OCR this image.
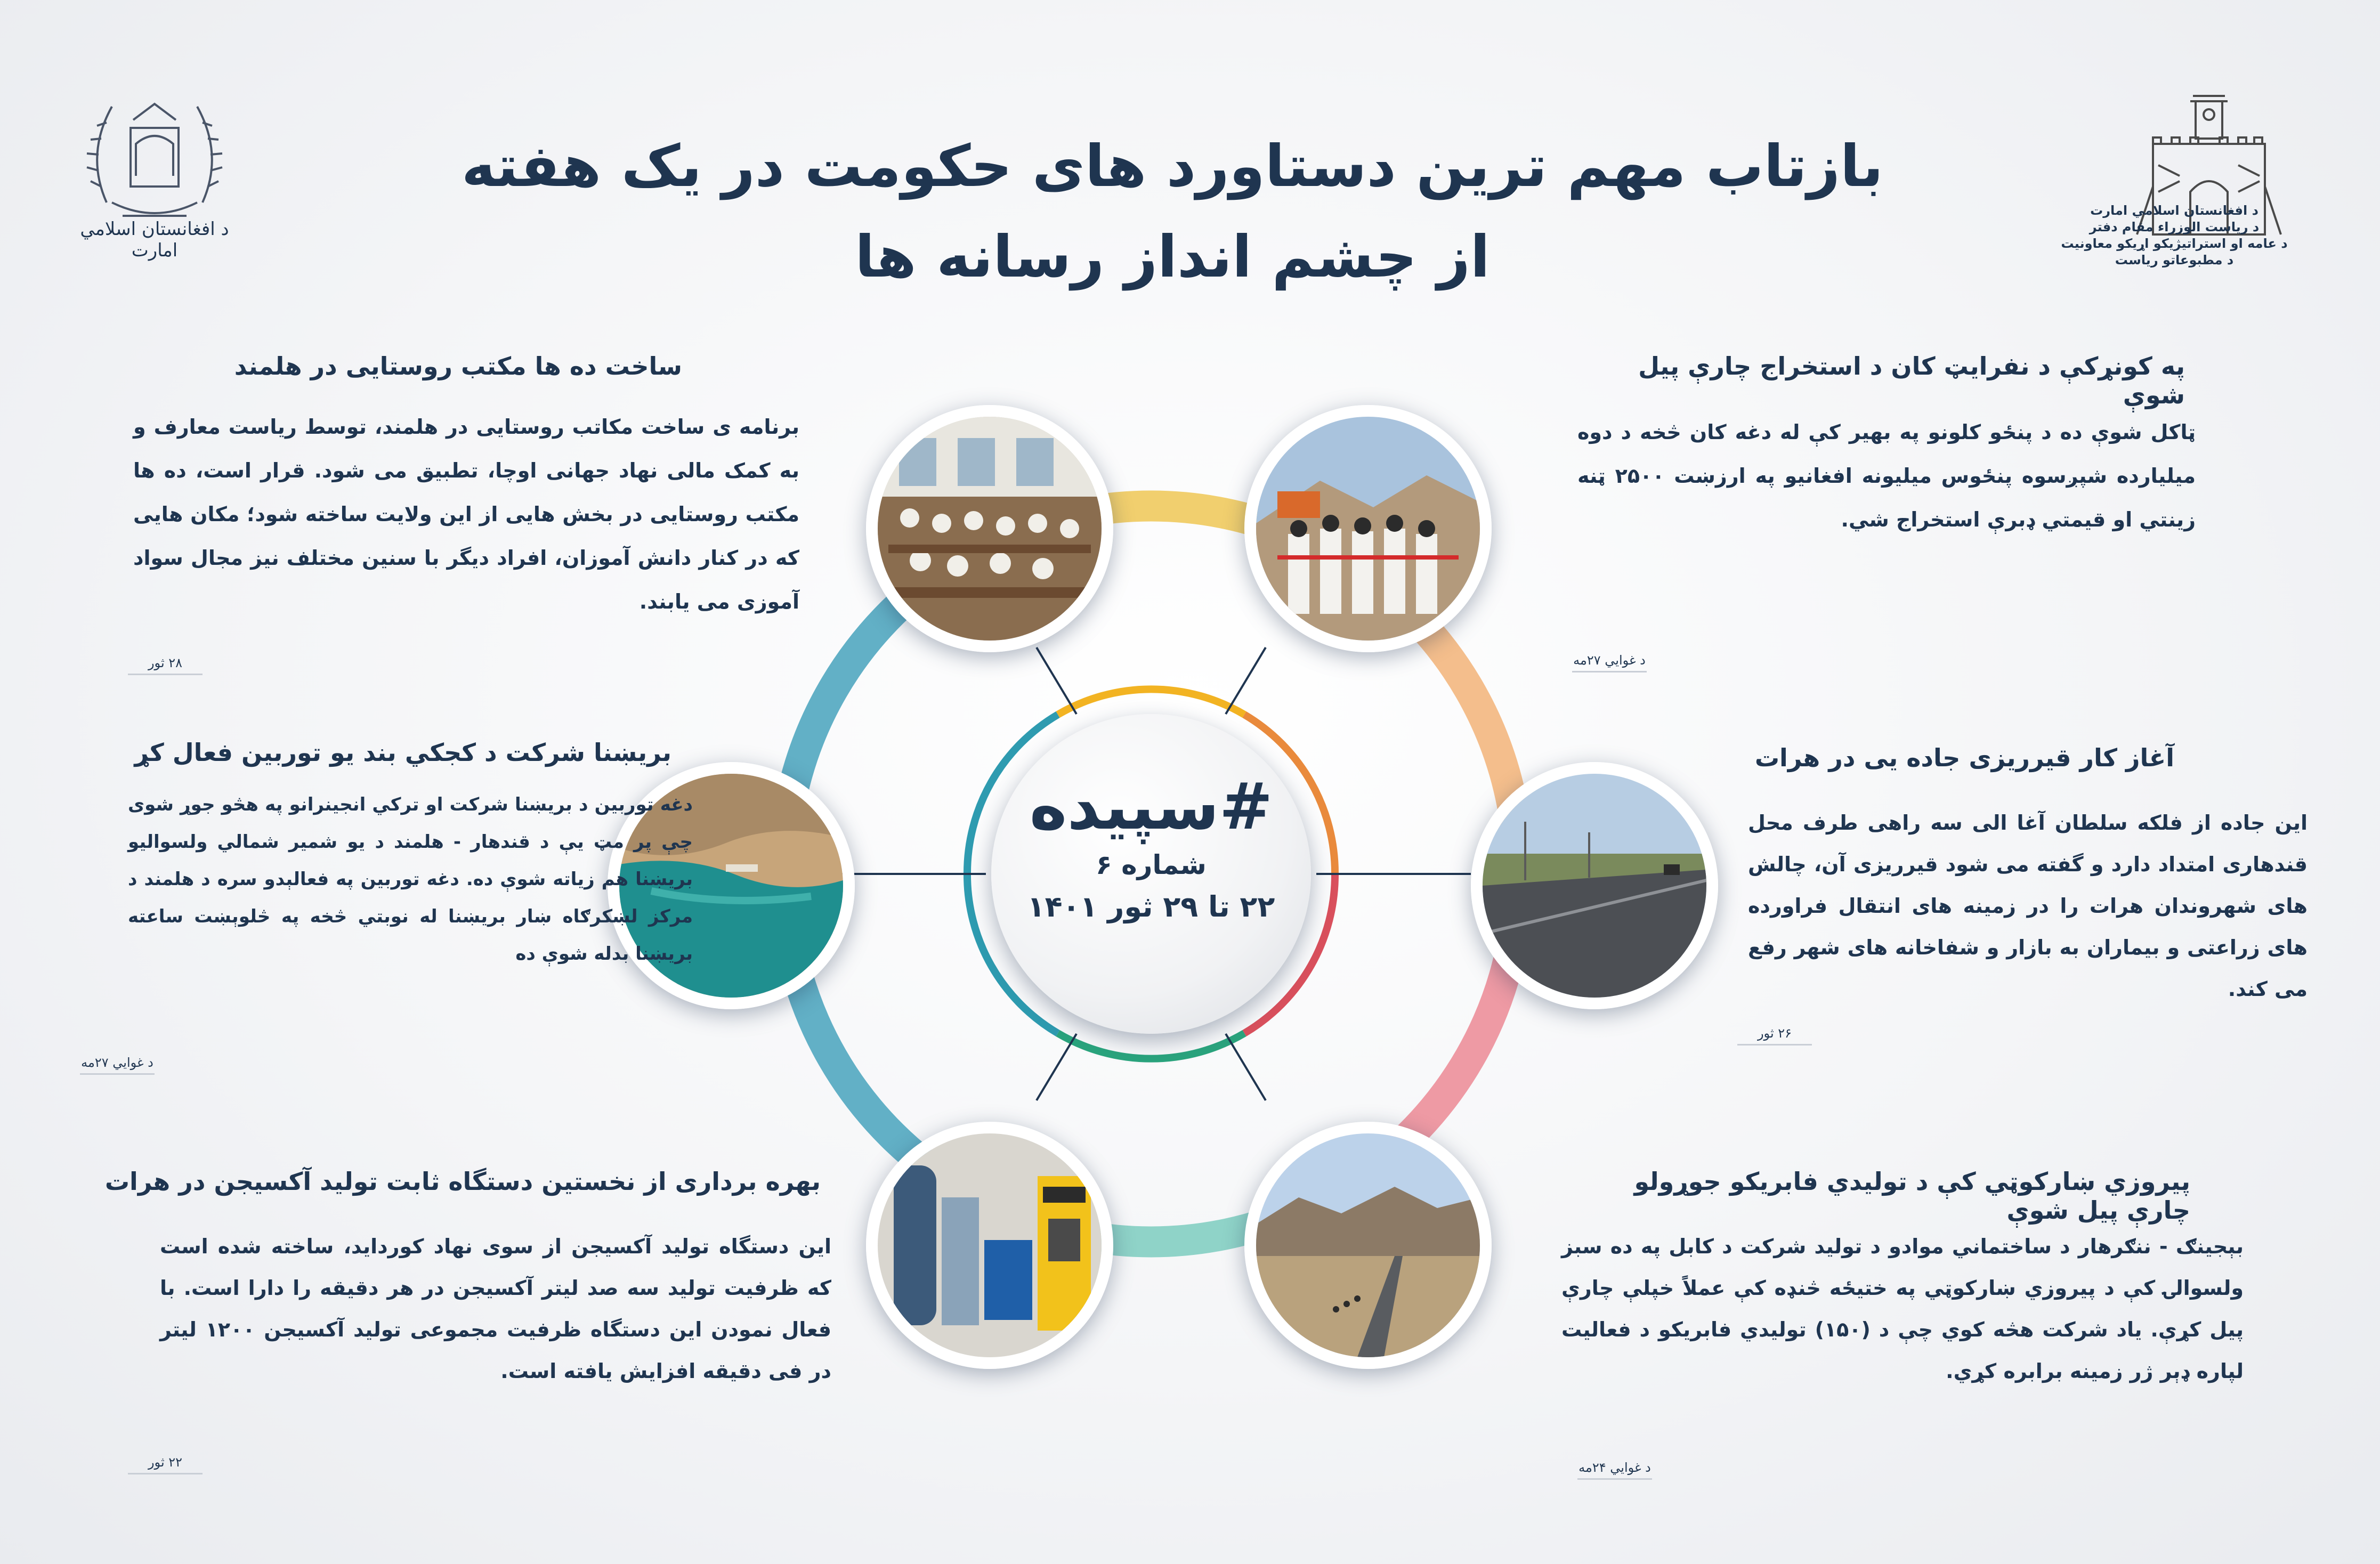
بازتاب مهم ترین دستاورد های حکومت در یک هفته
از چشم انداز رسانه ها
د افغانستان اسلامي امارت
د افغانستان اسلامي امارت
د رياست الوزراء مقام دفتر
د عامه او استراتيژيکو اړيکو معاونيت
د مطبوعاتو رياست
#سپیده
شماره ۶
۲۲ تا ۲۹ ثور ۱۴۰۱
ساخت ده ها مکتب روستایی در هلمند
برنامه ی ساخت مکاتب روستایی در هلمند، توسط ریاست معارف و به کمک مالی نهاد جهانی اوچا، تطبیق می شود. قرار است، ده ها مکتب روستایی در بخش هایی از این ولایت ساخته شود؛ مکان هایی که در کنار دانش آموزان، افراد دیگر با سنین مختلف نیز مجال سواد آموزی می یابند.
۲۸ ثور
په کونړکې د نفرایټ کان د استخراج چارې پیل شوې
ټاکل شوې ده د پنځو کلونو په بهیر کې له دغه کان څخه د دوه میلیارده شپږسوه پنځوس میلیونه افغانیو په ارزښت ۲۵۰۰ ټنه زینتي او قیمتي ډبرې استخراج شي.
د غوايي ۲۷مه
بریښنا شرکت د کجکي بند یو توربین فعال کړ
دغه توربین د بریښنا شرکت او ترکي انجینرانو په هڅو جوړ شوی چې پر مټ یې د قندهار - هلمند د یو شمیر شمالي ولسوالیو بریښنا هم زیاته شوې ده. دغه توربین په فعالېدو سره د هلمند د مرکز لښکرګاه ښار بریښنا له نوبتي څخه په څلوېښت ساعته بریښنا بدله شوې ده
د غوایي ۲۷مه
آغاز کار قیرریزی جاده یی در هرات
این جاده از فلکه سلطان آغا الی سه راهی طرف محل قندهاری امتداد دارد و گفته می شود قیرریزی آن، چالش های شهروندان هرات را در زمینه های انتقال فراورده های زراعتی و بیماران به بازار و شفاخانه های شهر رفع می کند.
۲۶ ثور
بهره برداری از نخستین دستگاه ثابت تولید آکسیجن در هرات
این دستگاه تولید آکسیجن از سوی نهاد کورداید، ساخته شده است که ظرفیت تولید سه صد لیتر آکسیجن در هر دقیقه را دارا است. با فعال نمودن این دستگاه ظرفیت مجموعی تولید آکسیجن ۱۲۰۰ لیتر در فی دقیقه افزایش یافته است.
۲۲ ثور
پیروزي ښارکوټي کې د تولیدي فابریکو جوړولو چارې پیل شوې
بېجینګ - ننګرهار د ساختماني موادو د تولید شرکت د کابل په ده سبز ولسوالۍ کې د پیروزي ښارکوټي په ختیځه څنډه کې عملاً خپلې چارې پیل کړې. یاد شرکت هڅه کوي چې د (۱۵۰) تولیدي فابریکو د فعالیت لپاره ډېر ژر زمینه برابره کړي.
د غوایي ۲۴مه
